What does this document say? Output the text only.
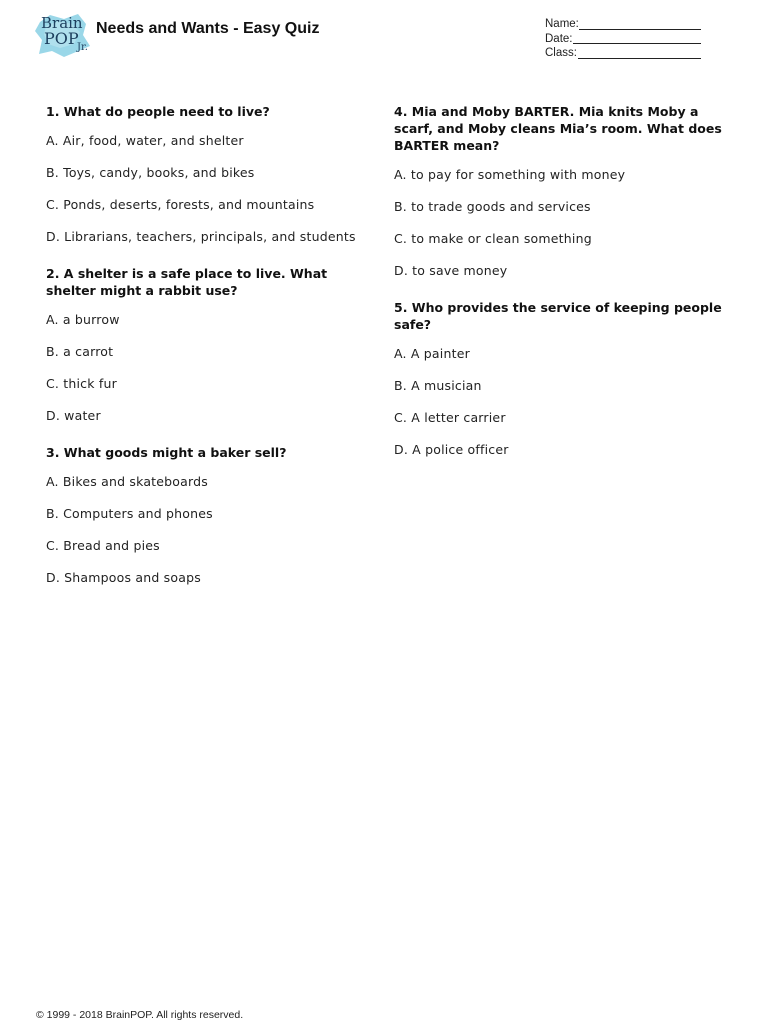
Brain
POP
Jr.
Needs and Wants - Easy Quiz	Name:
Date:
Class:
1. What do people need to live?
A. Air, food, water, and shelter
B. Toys, candy, books, and bikes
C. Ponds, deserts, forests, and mountains
D. Librarians, teachers, principals, and students
2. A shelter is a safe place to live. What shelter might a rabbit use?
A. a burrow
B. a carrot
C. thick fur
D. water
3. What goods might a baker sell?
A. Bikes and skateboards
B. Computers and phones
C. Bread and pies
D. Shampoos and soaps
4. Mia and Moby BARTER. Mia knits Moby a scarf, and Moby cleans Mia’s room. What does BARTER mean?
A. to pay for something with money
B. to trade goods and services
C. to make or clean something
D. to save money
5. Who provides the service of keeping people safe?
A. A painter
B. A musician
C. A letter carrier
D. A police officer
© 1999 - 2018 BrainPOP. All rights reserved.
